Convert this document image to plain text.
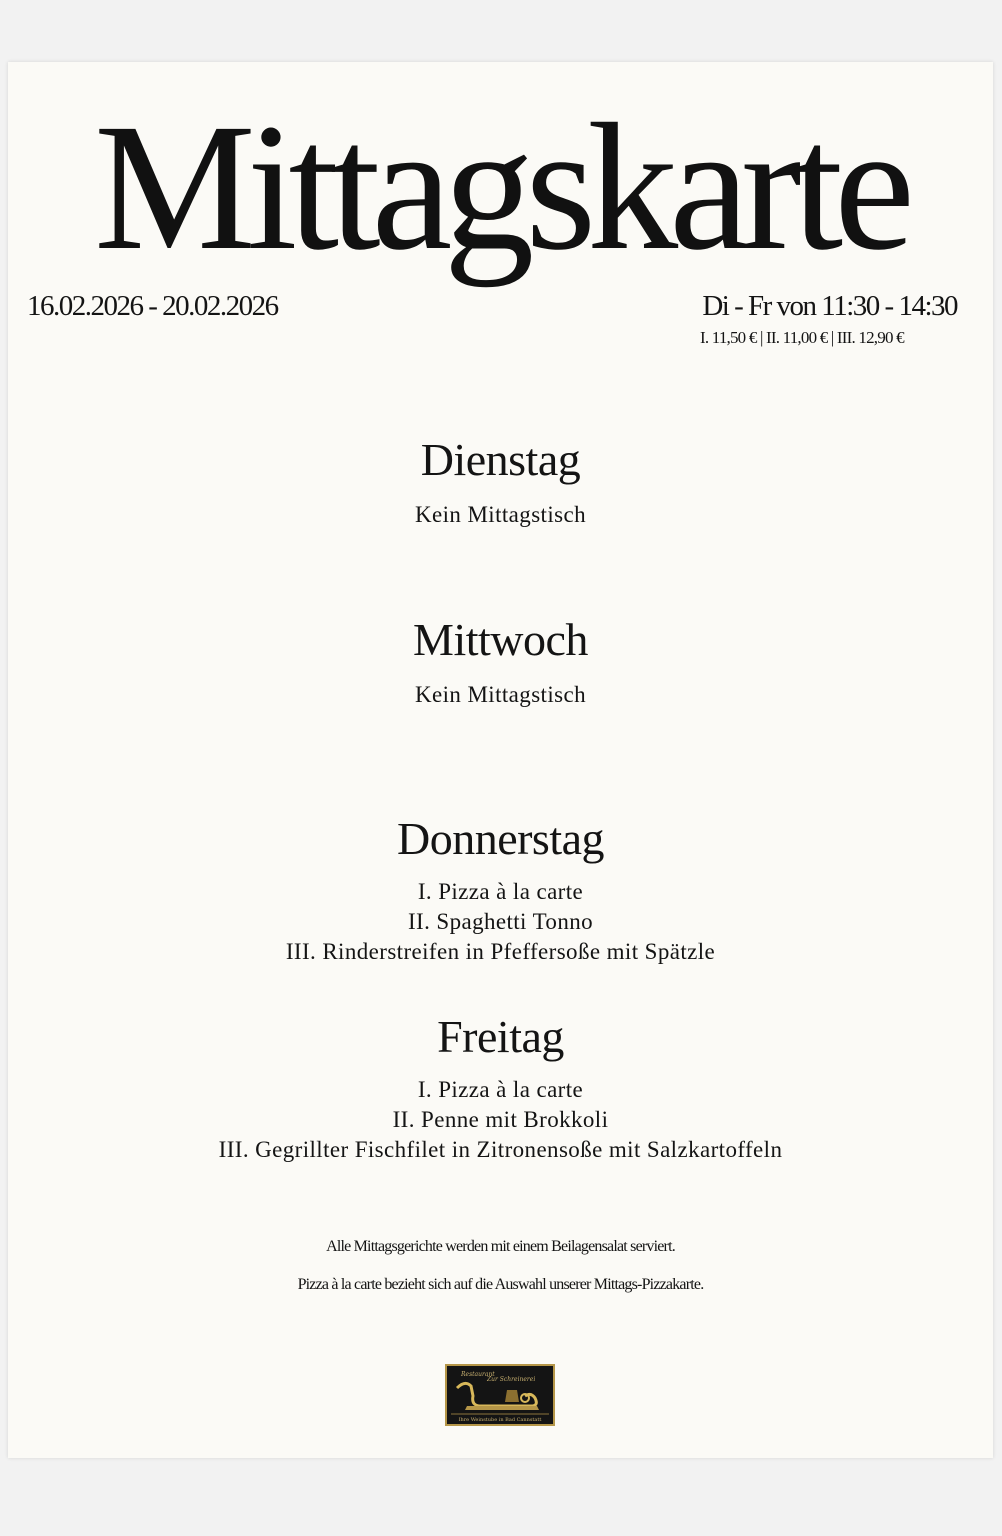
Mittagskarte
16.02.2026 - 20.02.2026	Di - Fr von 11:30 - 14:30
I. 11,50 € | II. 11,00 € | III. 12,90 €
Dienstag
Kein Mittagstisch
Mittwoch
Kein Mittagstisch
Donnerstag
I. Pizza à la carte
II. Spaghetti Tonno
III. Rinderstreifen in Pfeffersoße mit Spätzle
Freitag
I. Pizza à la carte
II. Penne mit Brokkoli
III. Gegrillter Fischfilet in Zitronensoße mit Salzkartoffeln

Alle Mittagsgerichte werden mit einem Beilagensalat serviert.

Pizza à la carte bezieht sich auf die Auswahl unserer Mittags-Pizzakarte.

Restaurant
Zur Schreinerei
Ihre Weinstube in Bad Cannstatt
